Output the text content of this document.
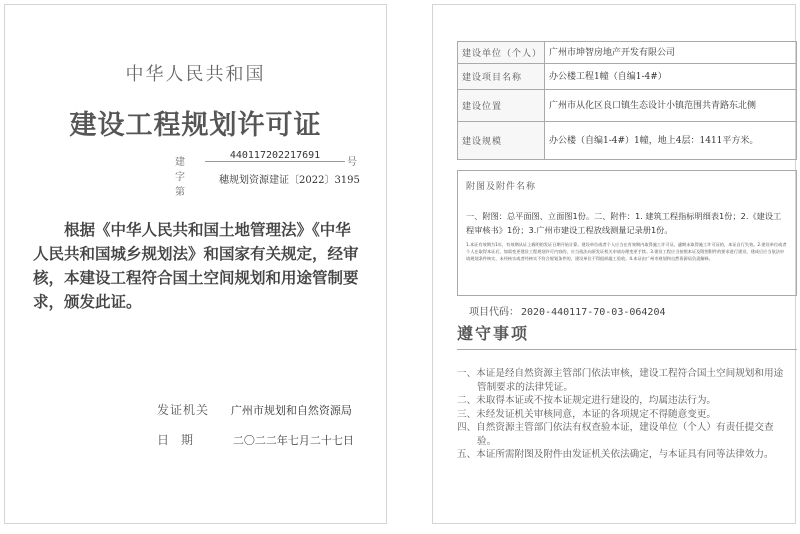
中华人民共和国
建设工程规划许可证
建字第
440117202217691
号
穗规划资源建证〔2022〕3195
根据《中华人民共和国土地管理法》《中华人民共和国城乡规划法》和国家有关规定，经审核，本建设工程符合国土空间规划和用途管制要求，颁发此证。
发证机关 广州市规划和自然资源局
日期	二〇二二年七月二十七日
建设单位（个人）	广州市坤智房地产开发有限公司
建设项目名称	办公楼工程1幢（自编1-4#）
建设位置	广州市从化区良口镇生态设计小镇范围共青路东北侧
建设规模	办公楼（自编1-4#）1幢，地上4层：1411平方米。
附图及附件名称
一、附图：总平面图、立面图1份。二、附件：1. 建筑工程指标明细表1份；2.《建设工程审核书》1份；3.广州市建设工程放线测量记录册1份。
1.本证有效期为1年，有效期从证上载明的发证日期开始计算。建设单位或者个人应当在有效期内取得施工许可证，逾期未取得施工许可证的，本证自行失效。2.建设单位或者个人在取得本证后，如需变更建设工程规划许可内容的，应当依法向原发证机关申请办理变更手续。3.建设工程应当按照本证及附图附件的要求进行建设，建成后应当依法申请规划条件核实，未经核实或者经核实不符合规划条件的，建设单位不得组织竣工验收。4.本证由广州市规划和自然资源局负责解释。
项目代码： 2020-440117-70-03-064204
遵守事项
一、本证是经自然资源主管部门依法审核，建设工程符合国土空间规划和用途管制要求的法律凭证。
二、未取得本证或不按本证规定进行建设的，均属违法行为。
三、未经发证机关审核同意，本证的各项规定不得随意变更。
四、自然资源主管部门依法有权查验本证，建设单位（个人）有责任提交查验。
五、本证所需附图及附件由发证机关依法确定，与本证具有同等法律效力。
